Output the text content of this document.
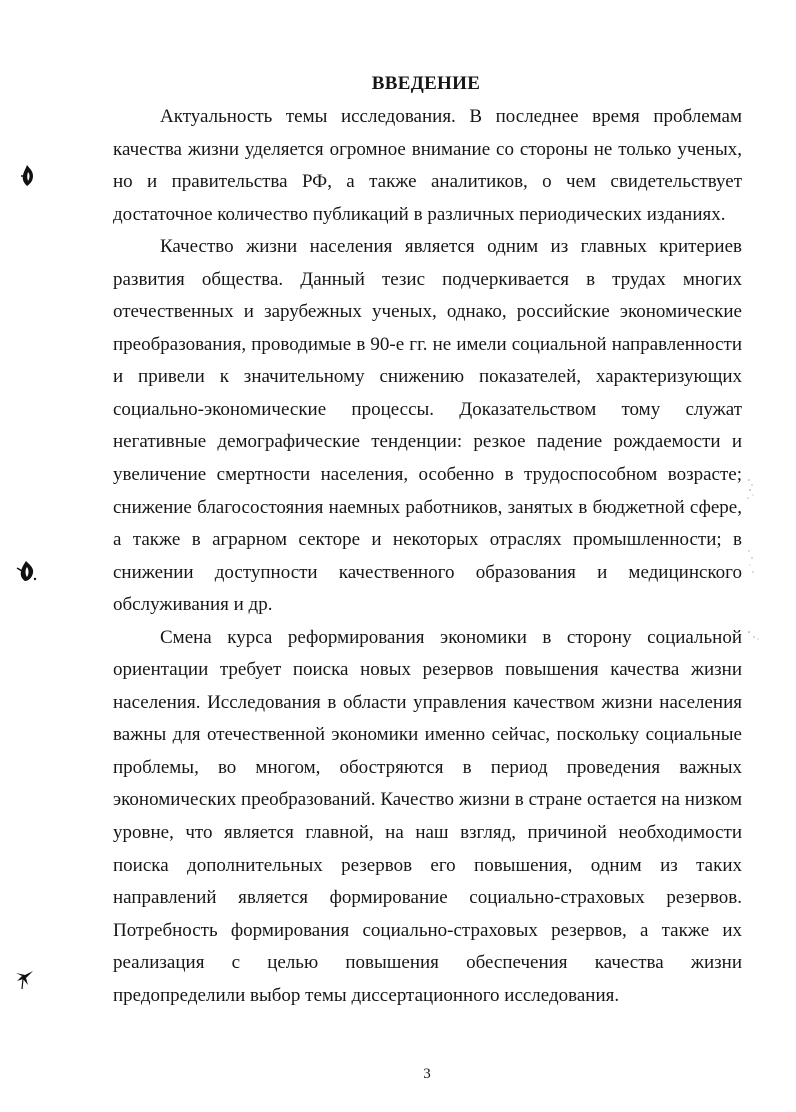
ВВЕДЕНИЕ

Актуальность темы исследования. В последнее время проблемам качества жизни уделяется огромное внимание со стороны не только ученых, но и правительства РФ, а также аналитиков, о чем свидетельствует достаточное количество публикаций в различных периодических изданиях.

Качество жизни населения является одним из главных критериев развития общества. Данный тезис подчеркивается в трудах многих отечественных и зарубежных ученых, однако, российские экономические преобразования, проводимые в 90-е гг. не имели социальной направленности и привели к значительному снижению показателей, характеризующих социально-экономические процессы. Доказательством тому служат негативные демографические тенденции: резкое падение рождаемости и увеличение смертности населения, особенно в трудоспособном возрасте; снижение благосостояния наемных работников, занятых в бюджетной сфере, а также в аграрном секторе и некоторых отраслях промышленности; в снижении доступности качественного образования и медицинского обслуживания и др.

Смена курса реформирования экономики в сторону социальной ориентации требует поиска новых резервов повышения качества жизни населения. Исследования в области управления качеством жизни населения важны для отечественной экономики именно сейчас, поскольку социальные проблемы, во многом, обостряются в период проведения важных экономических преобразований. Качество жизни в стране остается на низком уровне, что является главной, на наш взгляд, причиной необходимости поиска дополнительных резервов его повышения, одним из таких направлений является формирование социально-страховых резервов. Потребность формирования социально-страховых резервов, а также их реализация с целью повышения обеспечения качества жизни предопределили выбор темы диссертационного исследования.

3
